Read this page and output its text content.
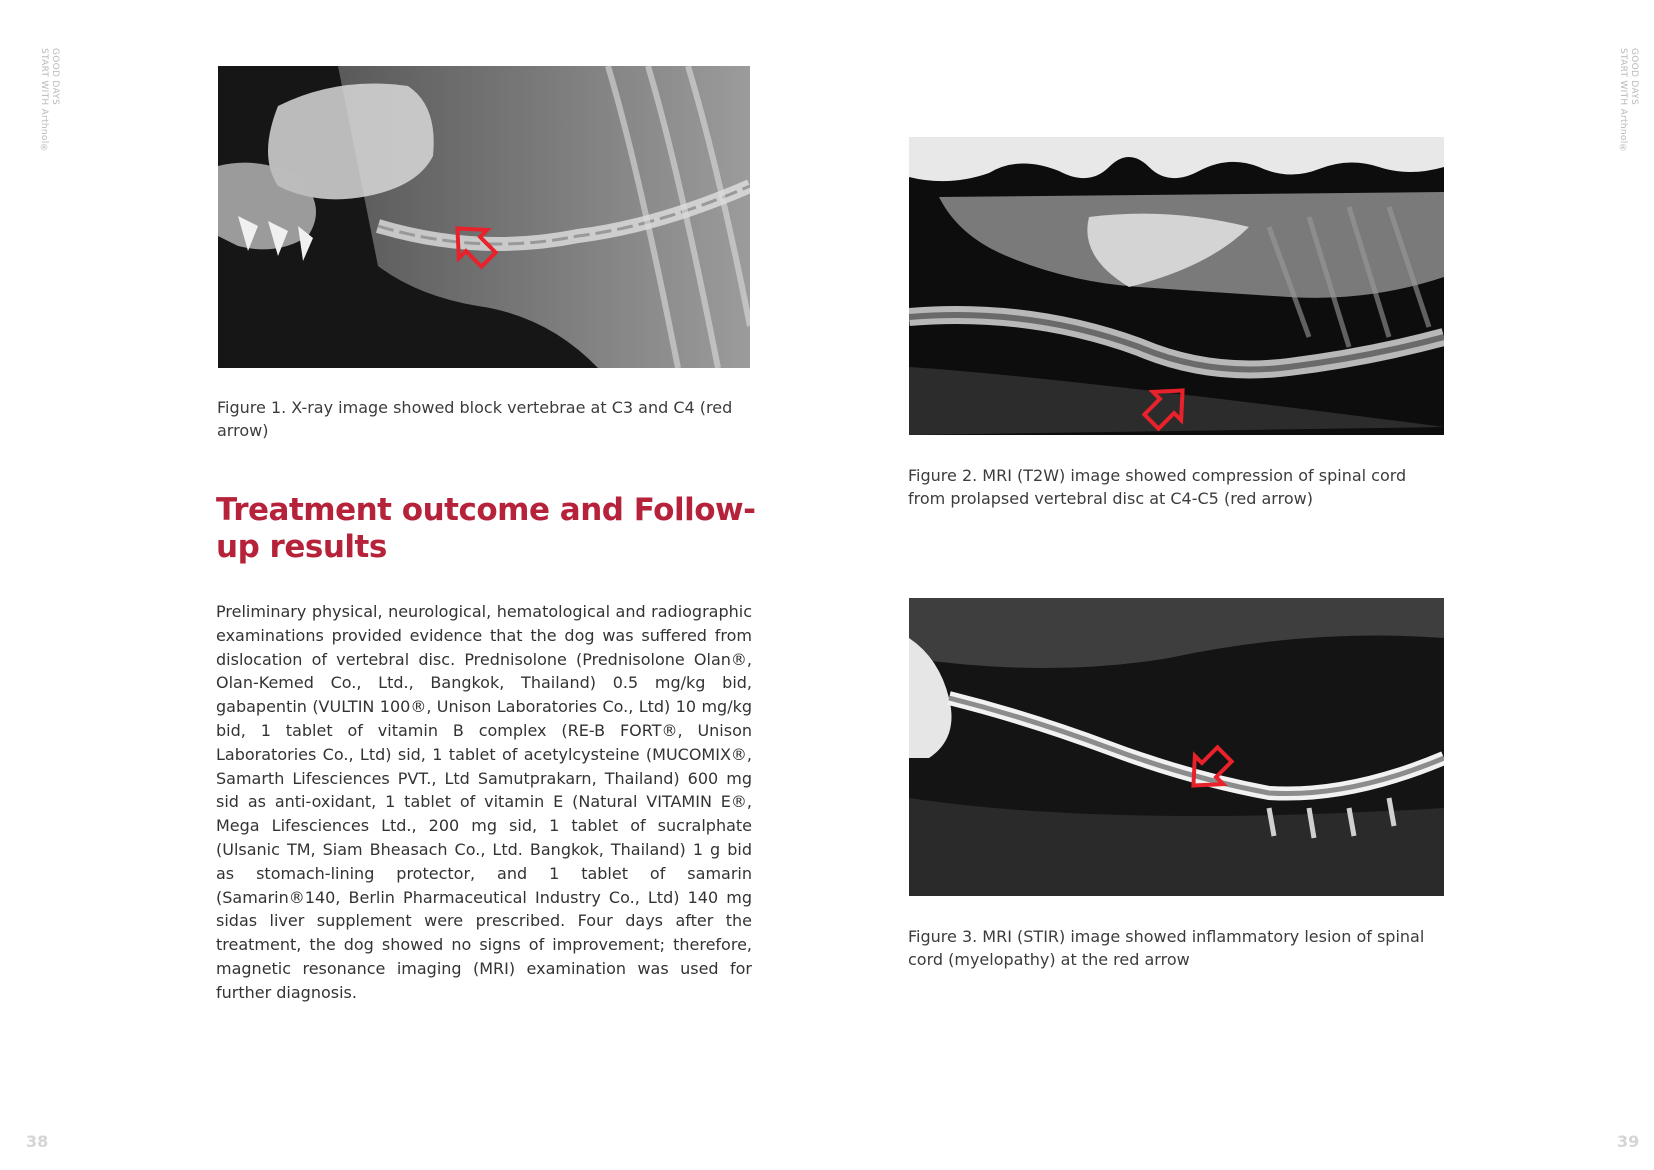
GOOD DAYS
START WITH Arthnol®
Figure 1. X-ray image showed block vertebrae at C3 and C4 (red arrow)
Treatment outcome and Follow-up results

Preliminary physical, neurological, hematological and radiographic examinations provided evidence that the dog was suffered from dislocation of vertebral disc. Prednisolone (Prednisolone Olan®, Olan-Kemed Co., Ltd., Bangkok, Thailand) 0.5 mg/kg bid, gabapentin (VULTIN 100®, Unison Laboratories Co., Ltd) 10 mg/kg bid, 1 tablet of vitamin B complex (RE-B FORT®, Unison Laboratories Co., Ltd) sid, 1 tablet of acetylcysteine (MUCOMIX®, Samarth Lifesciences PVT., Ltd Samutprakarn, Thailand) 600 mg sid as anti-oxidant, 1 tablet of vitamin E (Natural VITAMIN E®, Mega Lifesciences Ltd., 200 mg sid, 1 tablet of sucralphate (Ulsanic TM, Siam Bheasach Co., Ltd. Bangkok, Thailand) 1 g bid as stomach-lining protector, and 1 tablet of samarin (Samarin®140, Berlin Pharmaceutical Industry Co., Ltd) 140 mg sidas liver supplement were prescribed. Four days after the treatment, the dog showed no signs of improvement; therefore, magnetic resonance imaging (MRI) examination was used for further diagnosis.

38
GOOD DAYS
START WITH Arthnol®
Figure 2. MRI (T2W) image showed compression of spinal cord from prolapsed vertebral disc at C4-C5 (red arrow)
Figure 3. MRI (STIR) image showed inflammatory lesion of spinal cord (myelopathy) at the red arrow
39
